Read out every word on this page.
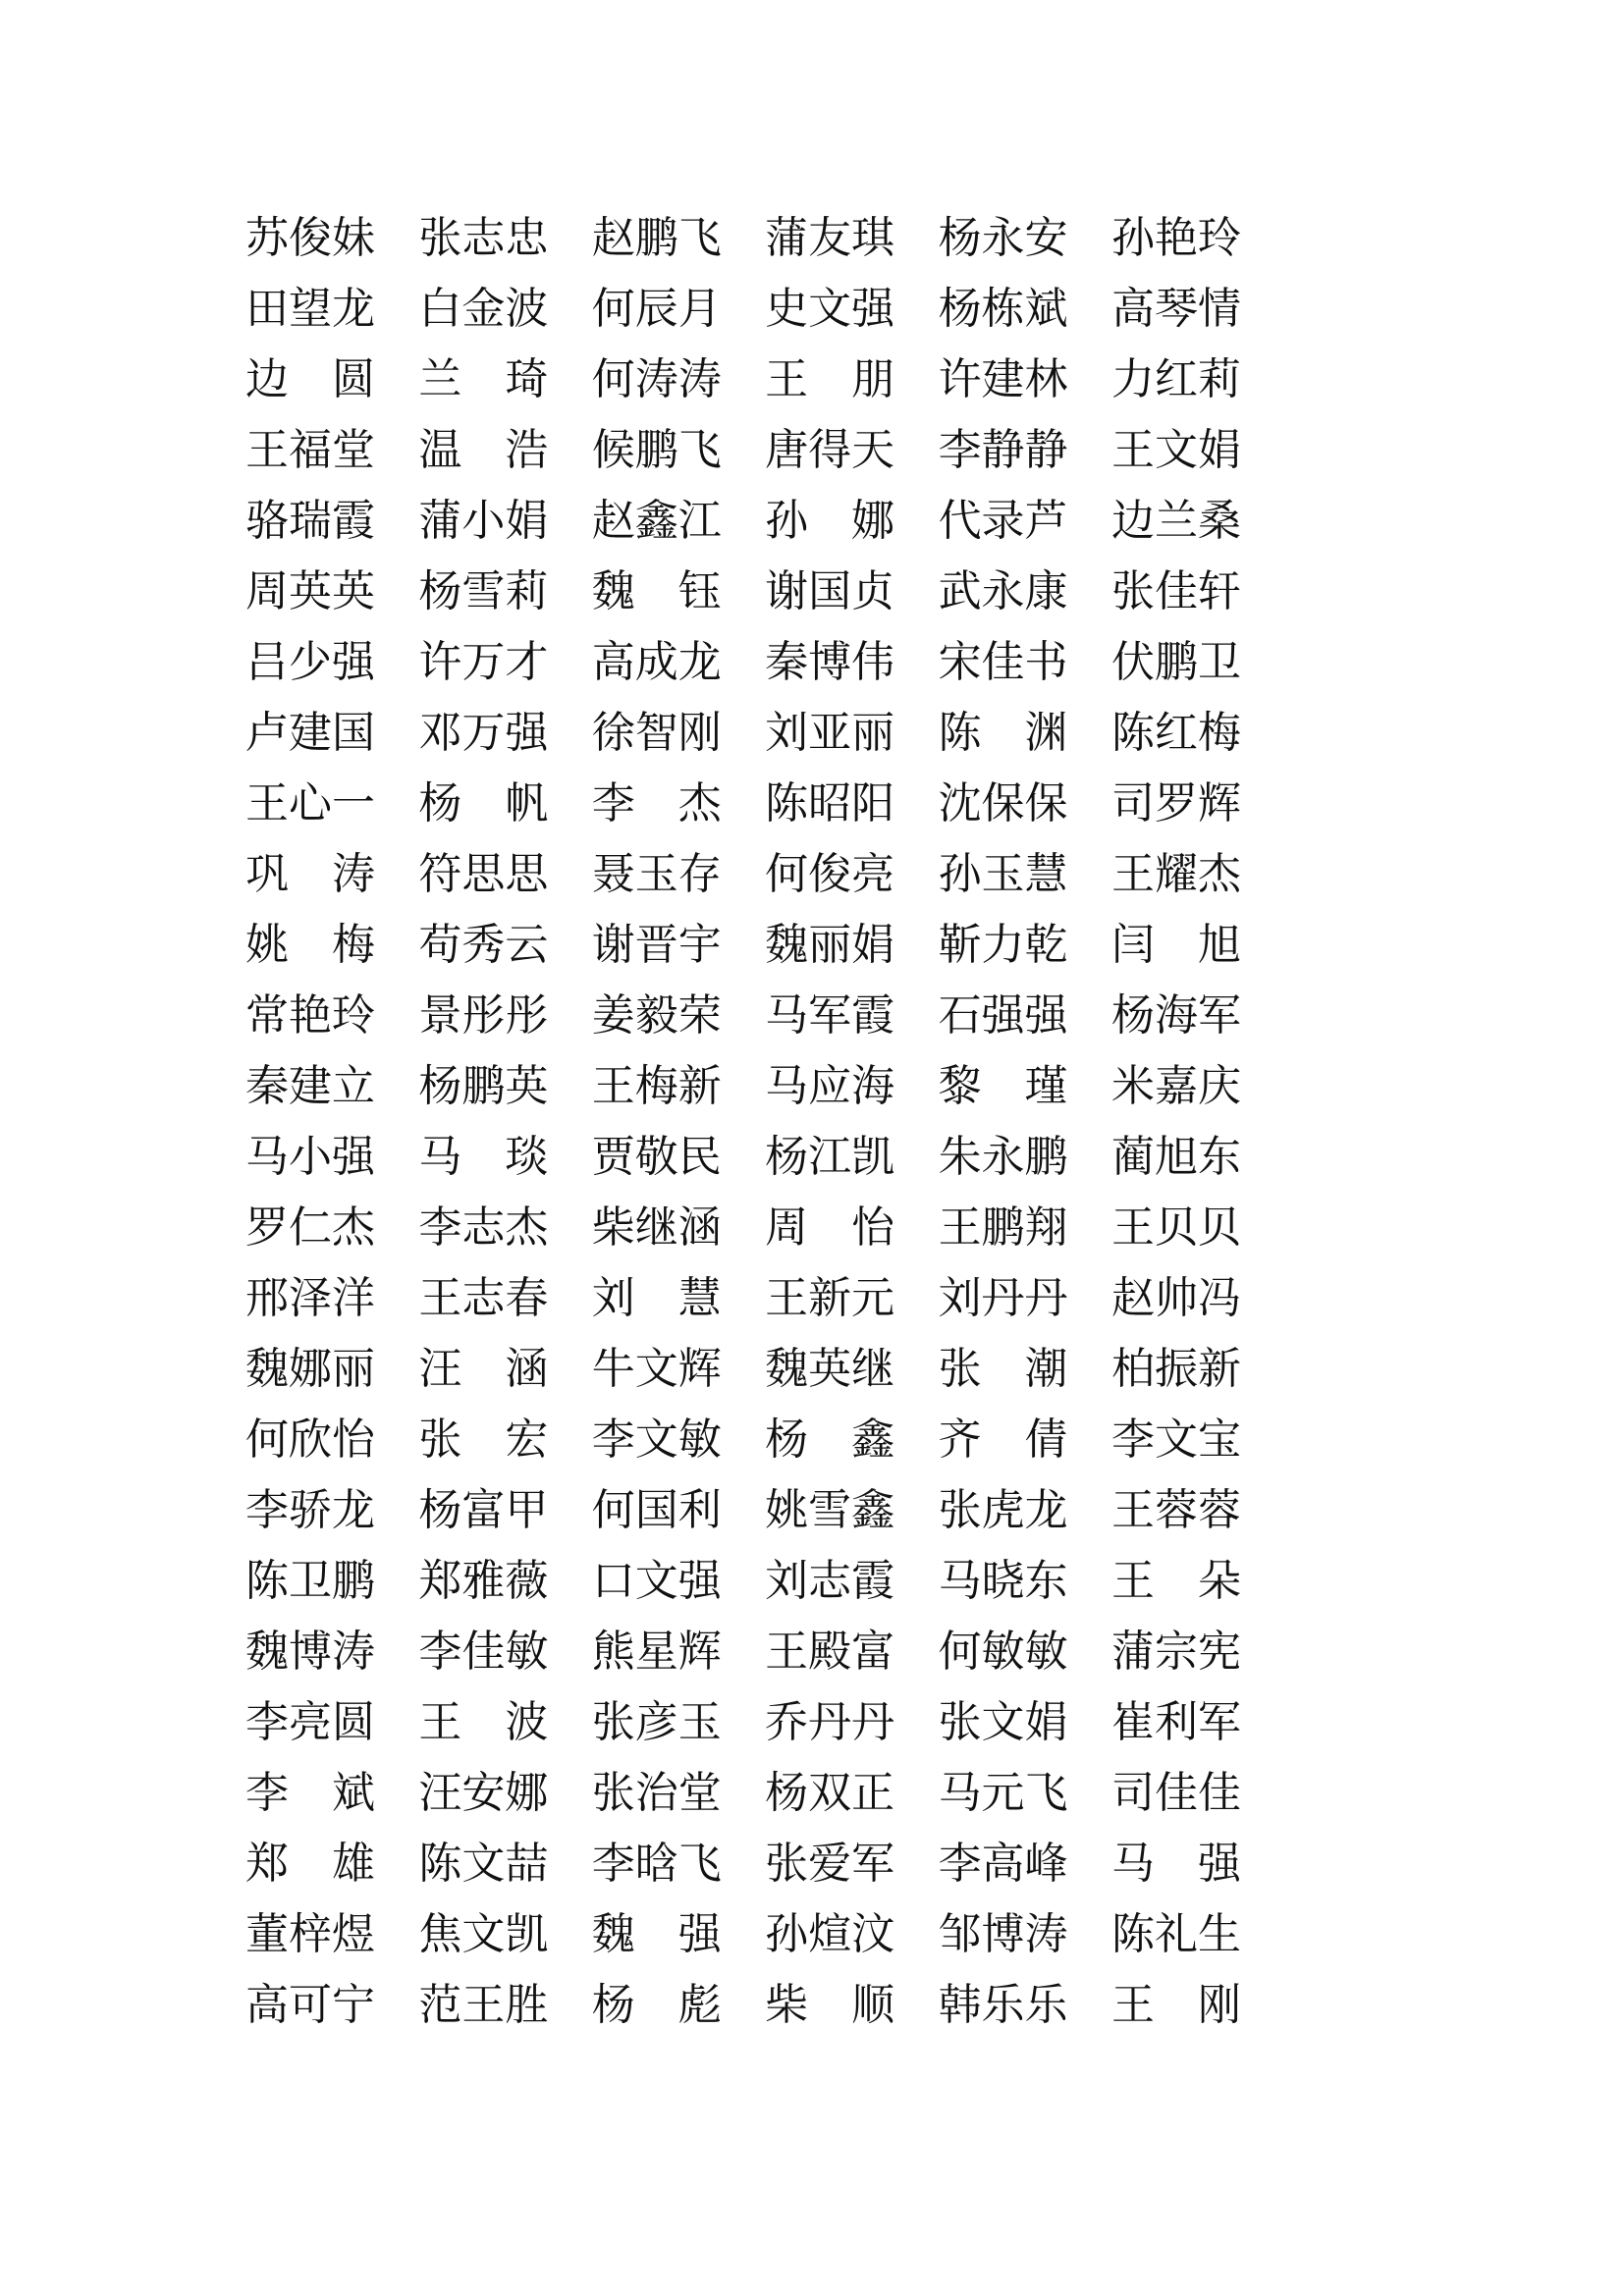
苏俊妹 张志忠 赵鹏飞 蒲友琪 杨永安 孙艳玲
田望龙 白金波 何辰月 史文强 杨栋斌 高琴情
边 圆 兰 琦 何涛涛 王 朋 许建林 力红莉
王福堂 温 浩 候鹏飞 唐得天 李静静 王文娟
骆瑞霞 蒲小娟 赵鑫江 孙 娜 代录芦 边兰桑
周英英 杨雪莉 魏 钰 谢国贞 武永康 张佳轩
吕少强 许万才 高成龙 秦博伟 宋佳书 伏鹏卫
卢建国 邓万强 徐智刚 刘亚丽 陈 渊 陈红梅
王心一 杨 帆 李 杰 陈昭阳 沈保保 司罗辉
巩 涛 符思思 聂玉存 何俊亮 孙玉慧 王耀杰
姚 梅 苟秀云 谢晋宇 魏丽娟 靳力乾 闫 旭
常艳玲 景彤彤 姜毅荣 马军霞 石强强 杨海军
秦建立 杨鹏英 王梅新 马应海 黎 瑾 米嘉庆
马小强 马 琰 贾敬民 杨江凯 朱永鹏 蔺旭东
罗仁杰 李志杰 柴继涵 周 怡 王鹏翔 王贝贝
邢泽洋 王志春 刘 慧 王新元 刘丹丹 赵帅冯
魏娜丽 汪 涵 牛文辉 魏英继 张 潮 柏振新
何欣怡 张 宏 李文敏 杨 鑫 齐 倩 李文宝
李骄龙 杨富甲 何国利 姚雪鑫 张虎龙 王蓉蓉
陈卫鹏 郑雅薇 口文强 刘志霞 马晓东 王 朵
魏博涛 李佳敏 熊星辉 王殿富 何敏敏 蒲宗宪
李亮圆 王 波 张彦玉 乔丹丹 张文娟 崔利军
李 斌 汪安娜 张治堂 杨双正 马元飞 司佳佳
郑 雄 陈文喆 李晗飞 张爱军 李高峰 马 强
董梓煜 焦文凯 魏 强 孙煊汶 邹博涛 陈礼生
高可宁 范王胜 杨 彪 柴 顺 韩乐乐 王 刚
